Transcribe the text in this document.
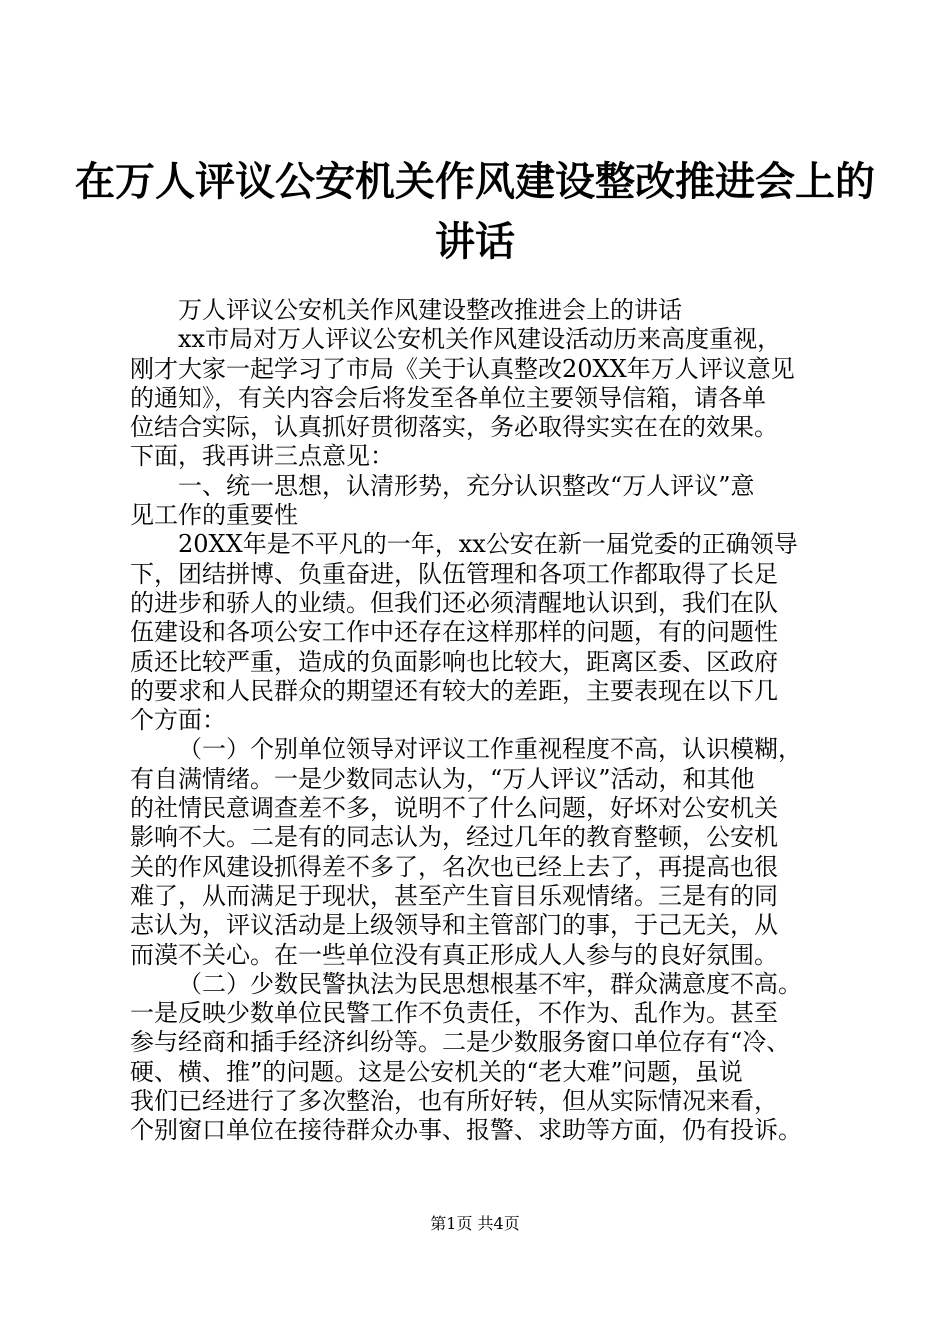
在万人评议公安机关作风建设整改推进会上的
讲话
万人评议公安机关作风建设整改推进会上的讲话
xx市局对万人评议公安机关作风建设活动历来高度重视，
刚才大家一起学习了市局《关于认真整改20XX年万人评议意见
的通知》，有关内容会后将发至各单位主要领导信箱，请各单
位结合实际，认真抓好贯彻落实，务必取得实实在在的效果。
下面，我再讲三点意见：
一、统一思想，认清形势，充分认识整改“万人评议”意
见工作的重要性
20XX年是不平凡的一年，xx公安在新一届党委的正确领导
下，团结拼博、负重奋进，队伍管理和各项工作都取得了长足
的进步和骄人的业绩。但我们还必须清醒地认识到，我们在队
伍建设和各项公安工作中还存在这样那样的问题，有的问题性
质还比较严重，造成的负面影响也比较大，距离区委、区政府
的要求和人民群众的期望还有较大的差距，主要表现在以下几
个方面：
（一）个别单位领导对评议工作重视程度不高，认识模糊，
有自满情绪。一是少数同志认为，“万人评议”活动，和其他
的社情民意调查差不多，说明不了什么问题，好坏对公安机关
影响不大。二是有的同志认为，经过几年的教育整顿，公安机
关的作风建设抓得差不多了，名次也已经上去了，再提高也很
难了，从而满足于现状，甚至产生盲目乐观情绪。三是有的同
志认为，评议活动是上级领导和主管部门的事，于己无关，从
而漠不关心。在一些单位没有真正形成人人参与的良好氛围。
（二）少数民警执法为民思想根基不牢，群众满意度不高。
一是反映少数单位民警工作不负责任，不作为、乱作为。甚至
参与经商和插手经济纠纷等。二是少数服务窗口单位存有“冷、
硬、横、推”的问题。这是公安机关的“老大难”问题，虽说
我们已经进行了多次整治，也有所好转，但从实际情况来看，
个别窗口单位在接待群众办事、报警、求助等方面，仍有投诉。
第1页 共4页
